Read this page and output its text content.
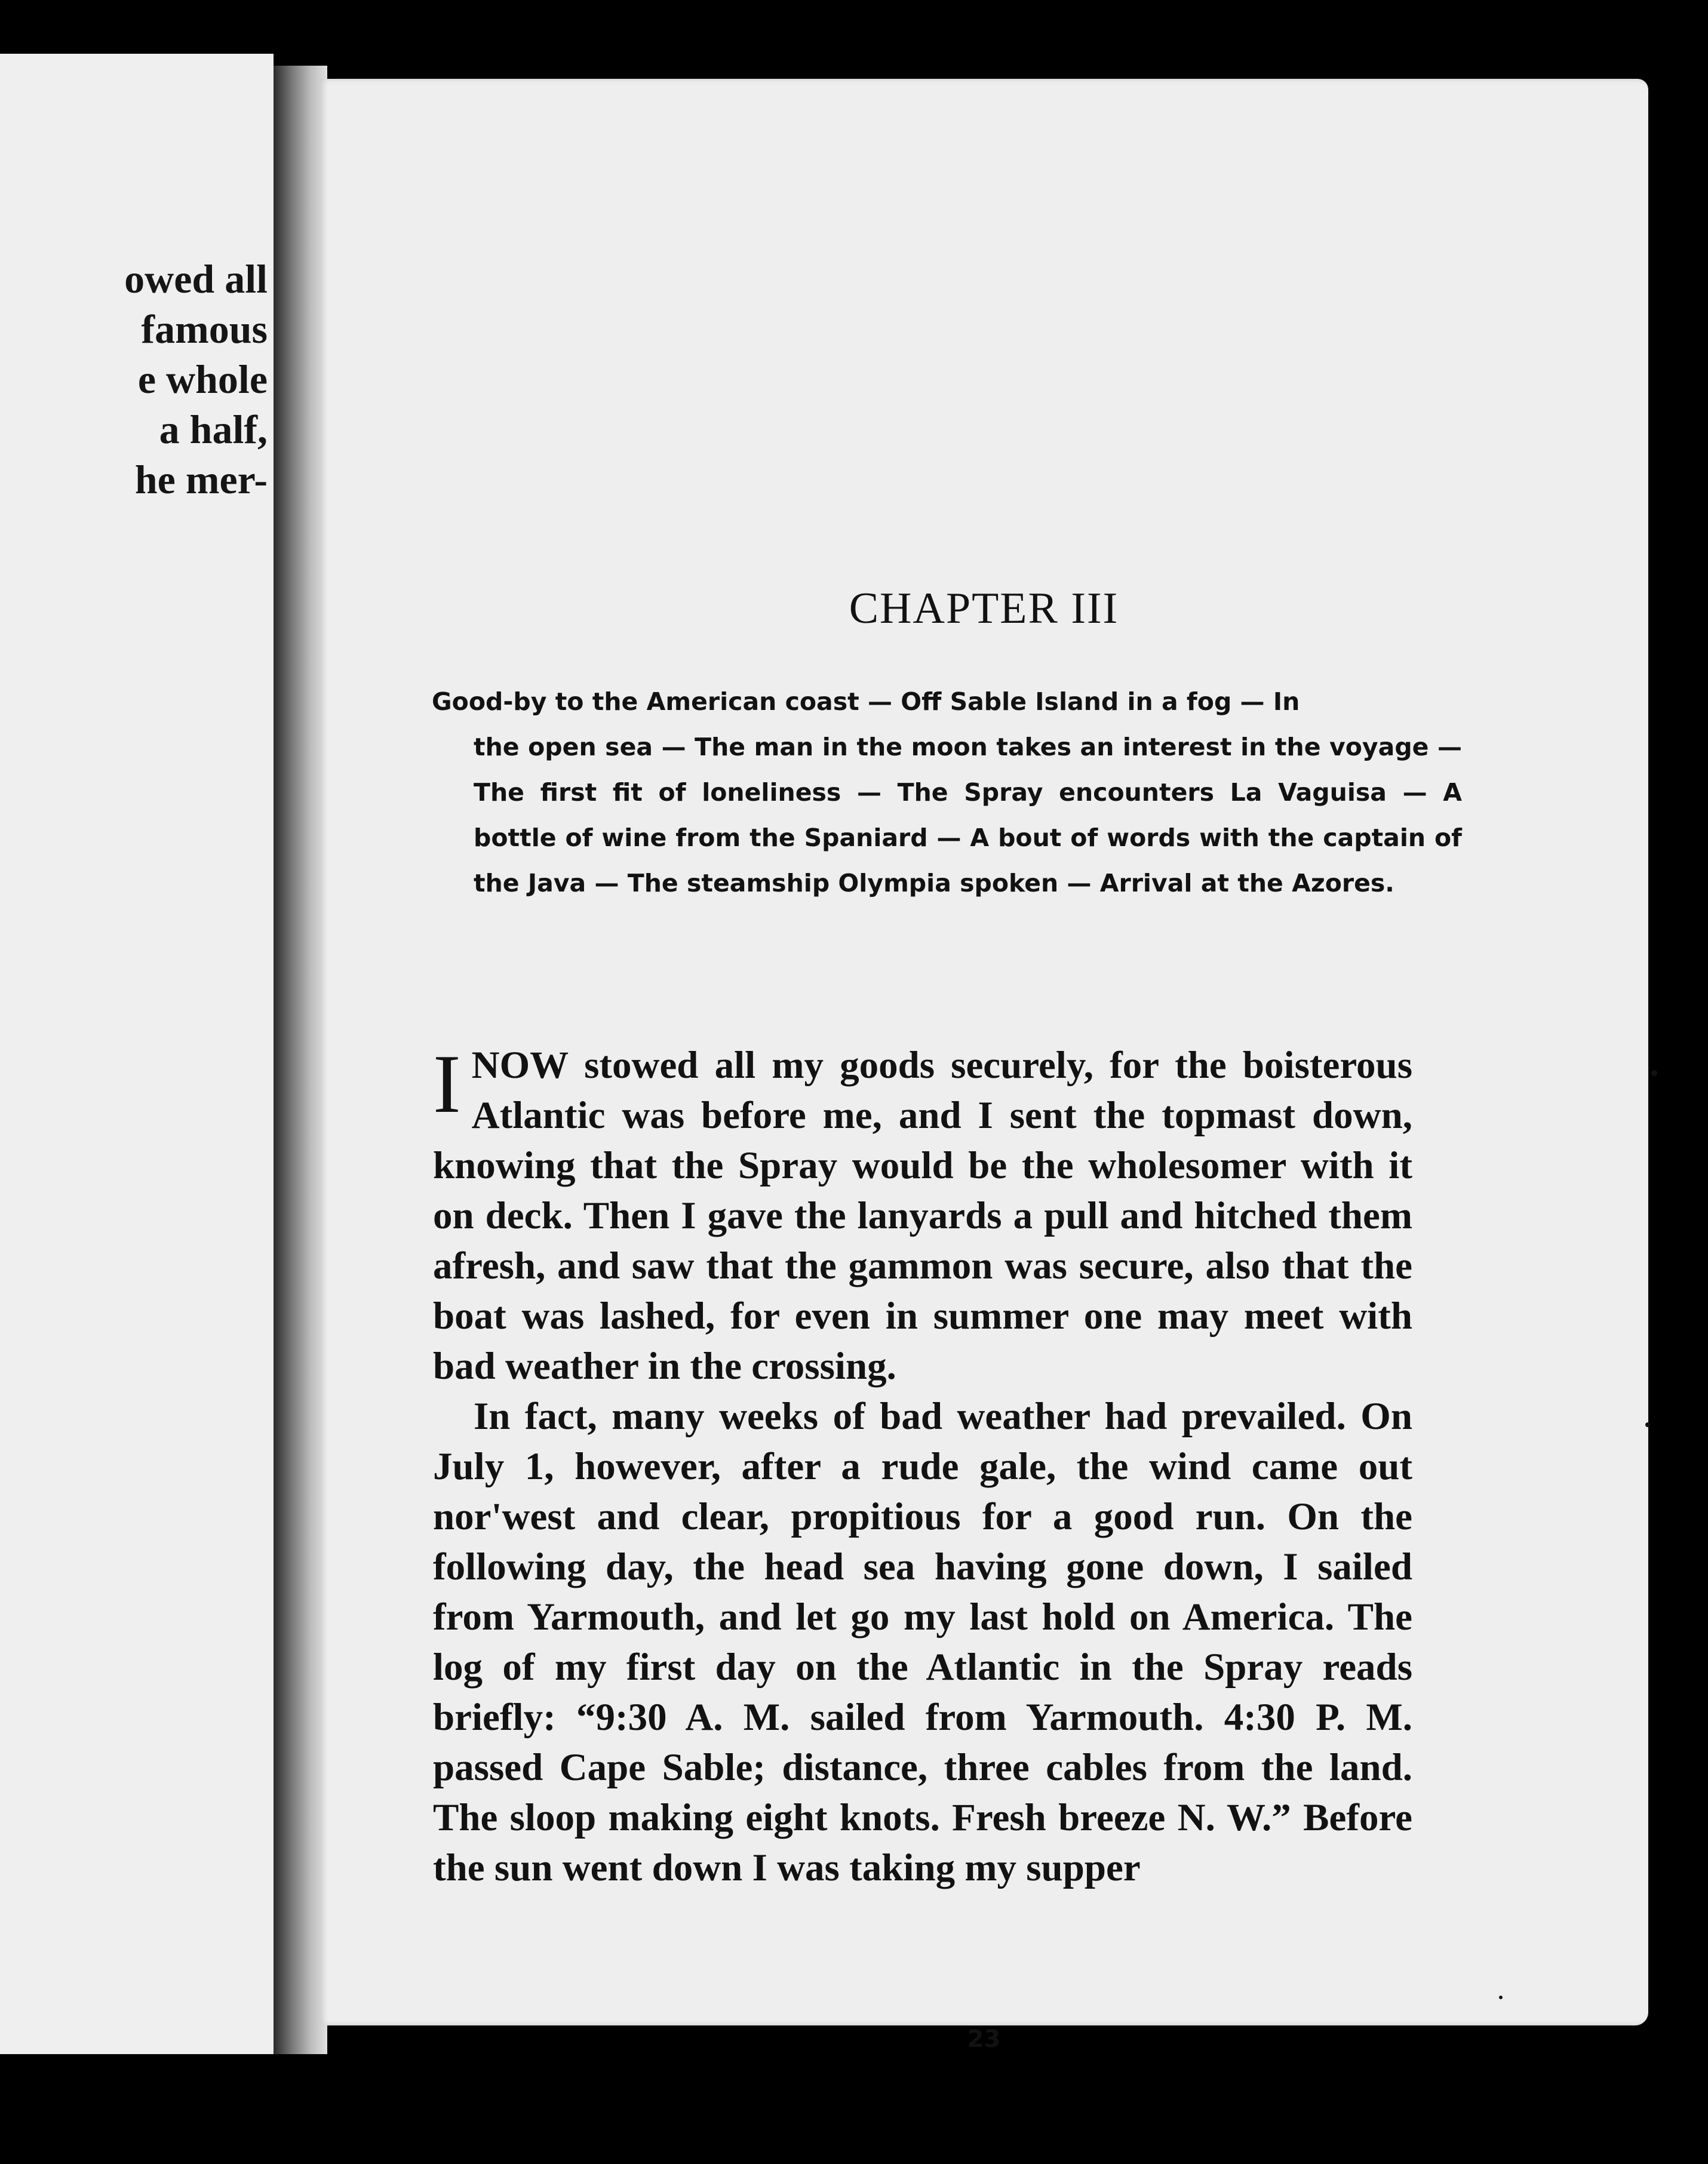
owed all
famous
e whole
a half,
he mer-
CHAPTER III
Good-by to the American coast — Off Sable Island in a fog — In
the open sea — The man in the moon takes an interest in the voyage — The first fit of loneliness — The Spray encounters La Vaguisa — A bottle of wine from the Spaniard — A bout of words with the captain of the Java — The steamship Olympia spoken — Arrival at the Azores.

I NOW stowed all my goods securely, for the boisterous Atlantic was before me, and I sent the topmast down, knowing that the Spray would be the wholesomer with it on deck. Then I gave the lanyards a pull and hitched them afresh, and saw that the gammon was secure, also that the boat was lashed, for even in summer one may meet with bad weather in the crossing.

In fact, many weeks of bad weather had prevailed. On July 1, however, after a rude gale, the wind came out nor'west and clear, propitious for a good run. On the following day, the head sea having gone down, I sailed from Yarmouth, and let go my last hold on America. The log of my first day on the Atlantic in the Spray reads briefly: “9:30 A. M. sailed from Yarmouth. 4:30 P. M. passed Cape Sable; distance, three cables from the land. The sloop making eight knots. Fresh breeze N. W.” Before the sun went down I was taking my supper

23
